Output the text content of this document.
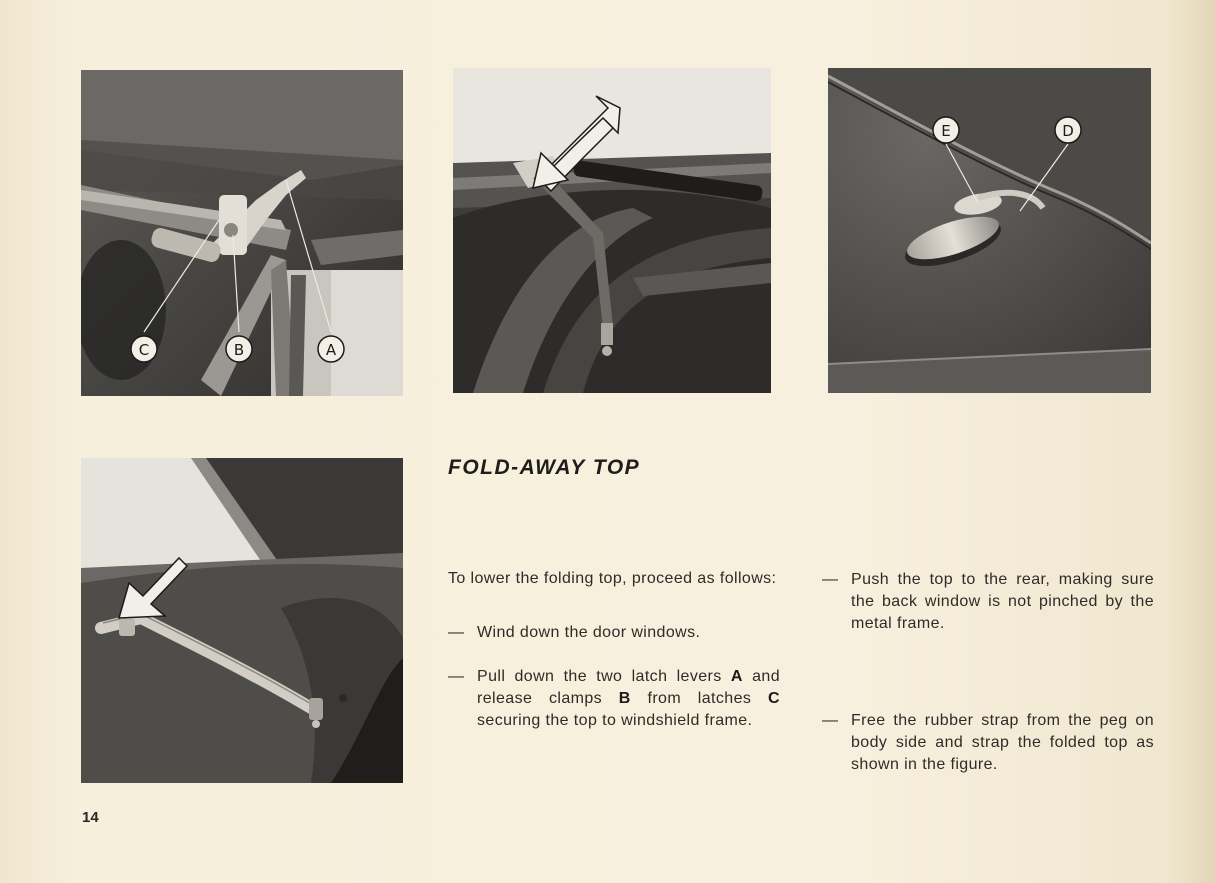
C	B	A
E	D
FOLD-AWAY TOP

To lower the folding top, proceed as follows:

— Wind down the door windows.
— Pull down the two latch levers A and release clamps B from latches C securing the top to windshield frame.
— Push the top to the rear, making sure the back window is not pinched by the metal frame.
— Free the rubber strap from the peg on body side and strap the folded top as shown in the figure.
14
